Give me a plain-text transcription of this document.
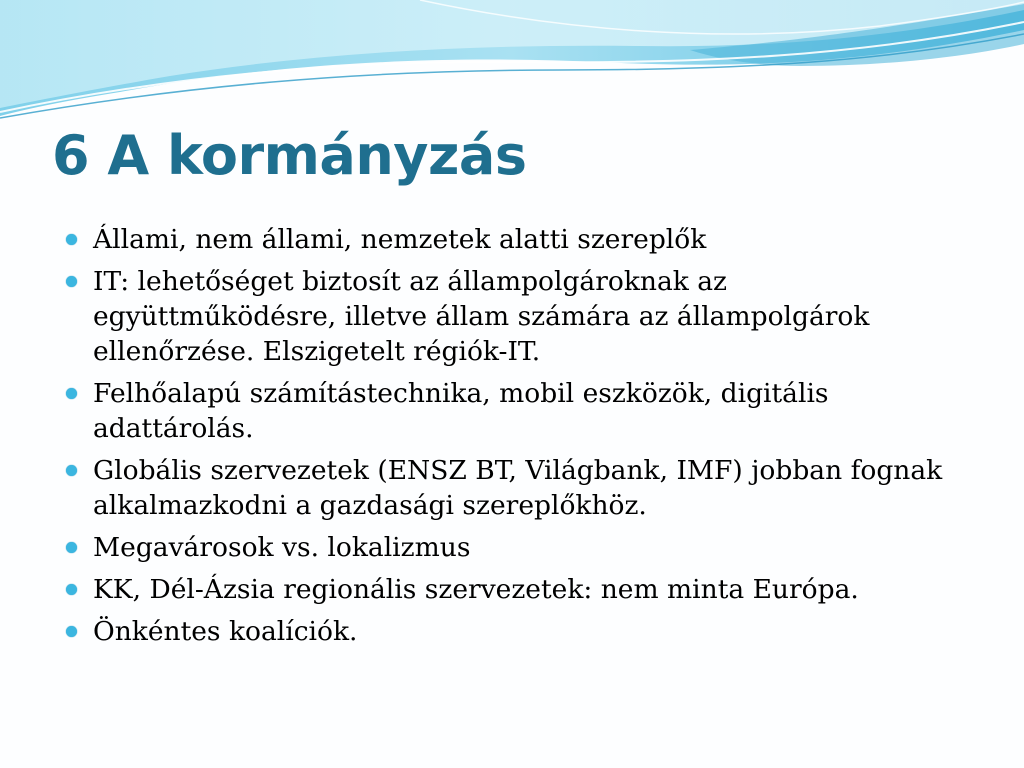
6 A kormányzás
Állami, nem állami, nemzetek alatti szereplők
IT: lehetőséget biztosít az állampolgároknak az együttműködésre, illetve állam számára az állampolgárok ellenőrzése. Elszigetelt régiók-IT.
Felhőalapú számítástechnika, mobil eszközök, digitális adattárolás.
Globális szervezetek (ENSZ BT, Világbank, IMF) jobban fognak alkalmazkodni a gazdasági szereplőkhöz.
Megavárosok vs. lokalizmus
KK, Dél-Ázsia regionális szervezetek: nem minta Európa.
Önkéntes koalíciók.
